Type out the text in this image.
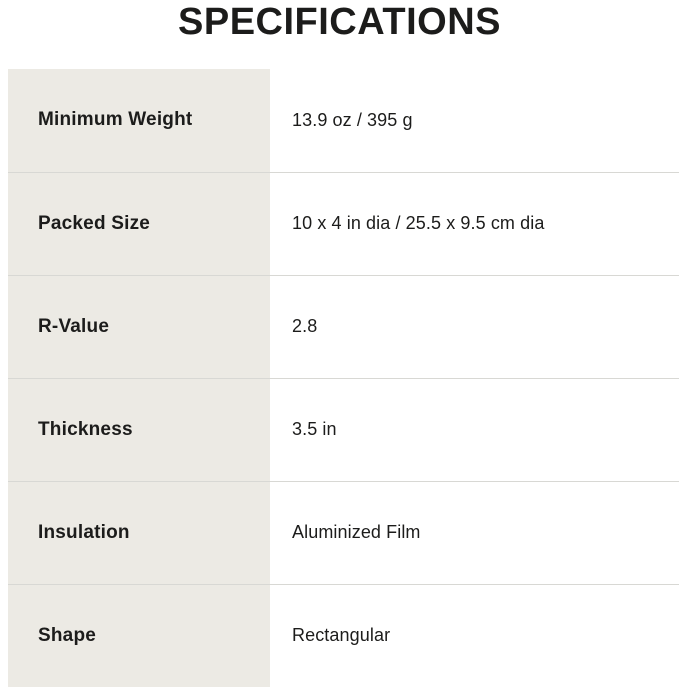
SPECIFICATIONS
Minimum Weight	13.9 oz / 395 g
Packed Size	10 x 4 in dia / 25.5 x 9.5 cm dia
R-Value	2.8
Thickness	3.5 in
Insulation	Aluminized Film
Shape	Rectangular
